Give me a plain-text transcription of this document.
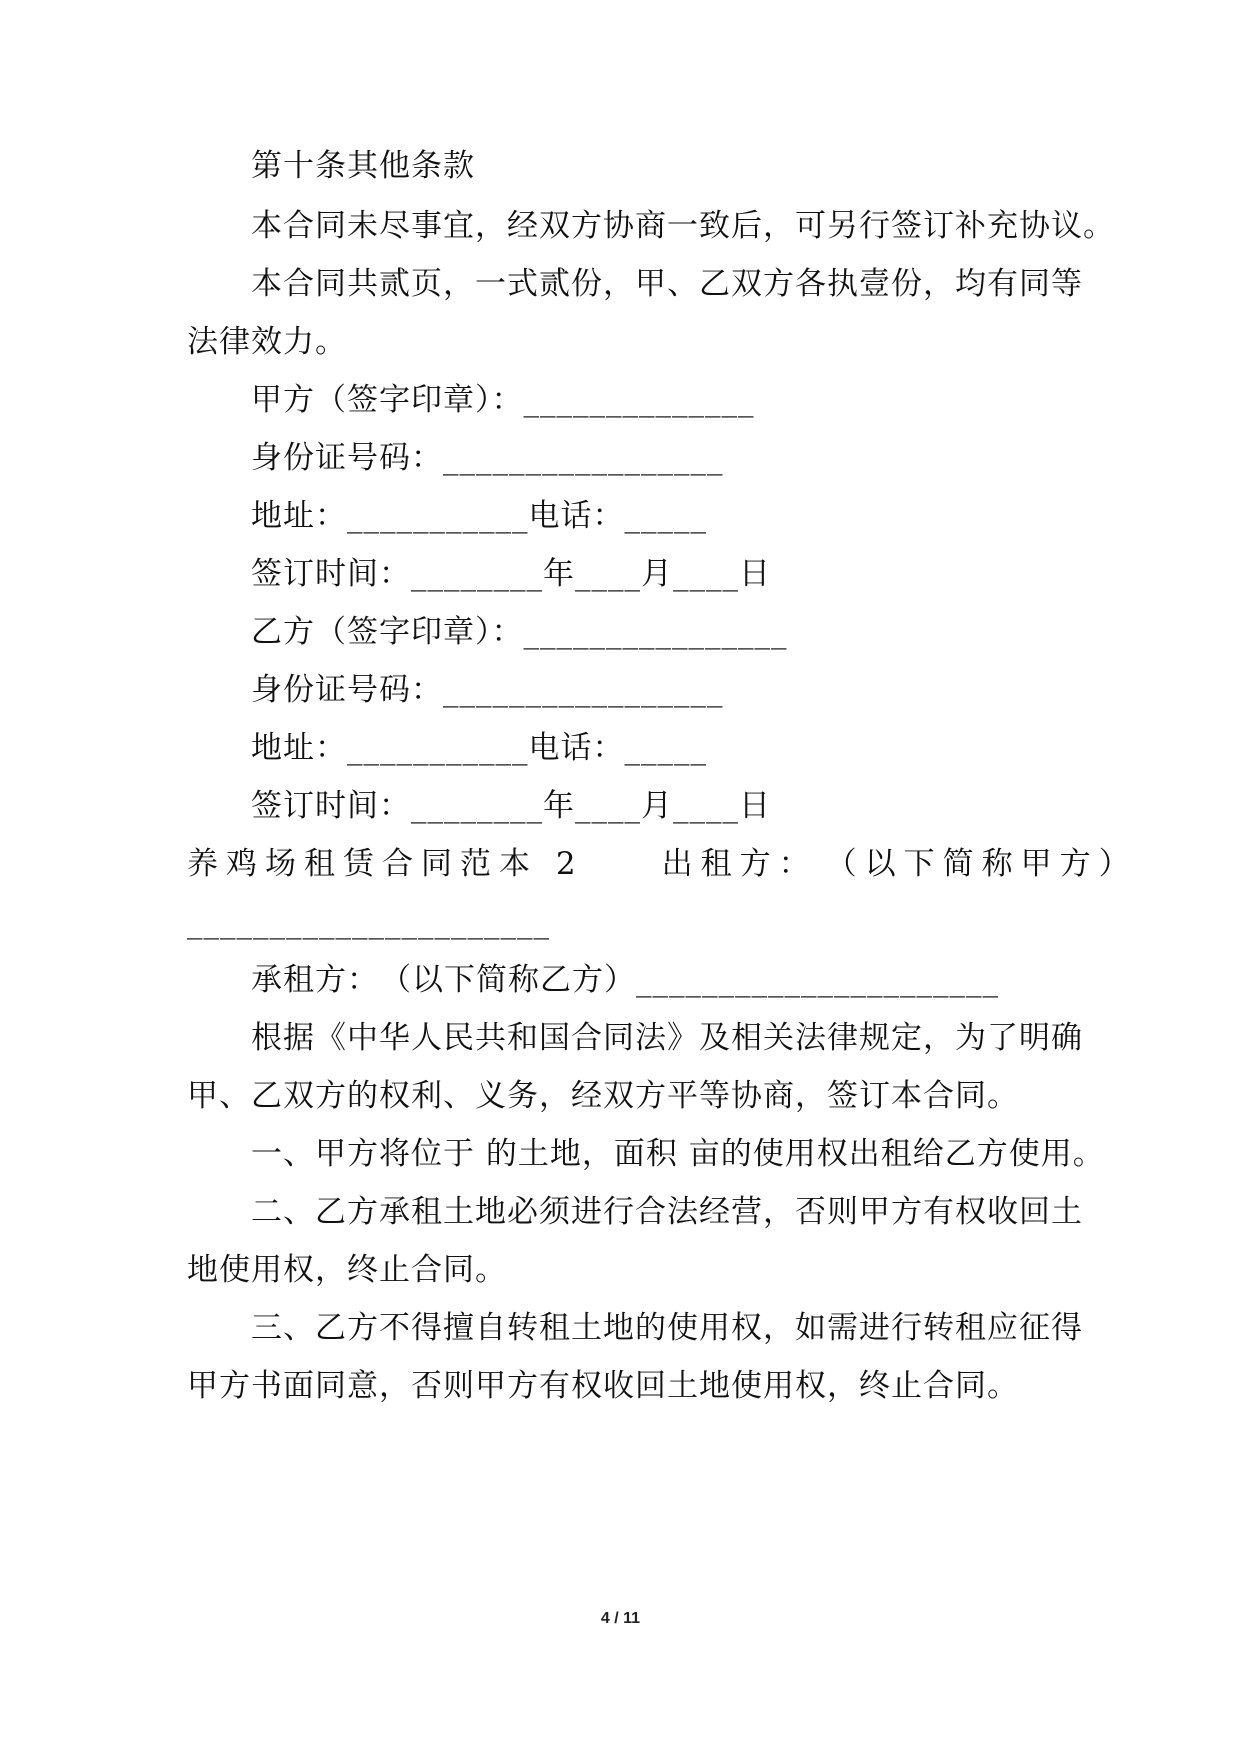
第十条其他条款
本合同未尽事宜，经双方协商一致后，可另行签订补充协议。
本合同共贰页，一式贰份，甲、乙双方各执壹份，均有同等
法律效力。
甲方（签字印章）：______________
身份证号码：_________________
地址：___________电话：_____
签订时间：________年____月____日
乙方（签字印章）：________________
身份证号码：_________________
地址：___________电话：_____
签订时间：________年____月____日
养鸡场租赁合同范本 2　　出租方：　（以下简称甲方）
______________________
承租方：　（以下简称乙方）______________________
根据《中华人民共和国合同法》及相关法律规定，为了明确
甲、乙双方的权利、义务，经双方平等协商，签订本合同。
一、甲方将位于 的土地，面积 亩的使用权出租给乙方使用。
二、乙方承租土地必须进行合法经营，否则甲方有权收回土
地使用权，终止合同。
三、乙方不得擅自转租土地的使用权，如需进行转租应征得
甲方书面同意，否则甲方有权收回土地使用权，终止合同。
4 / 11
